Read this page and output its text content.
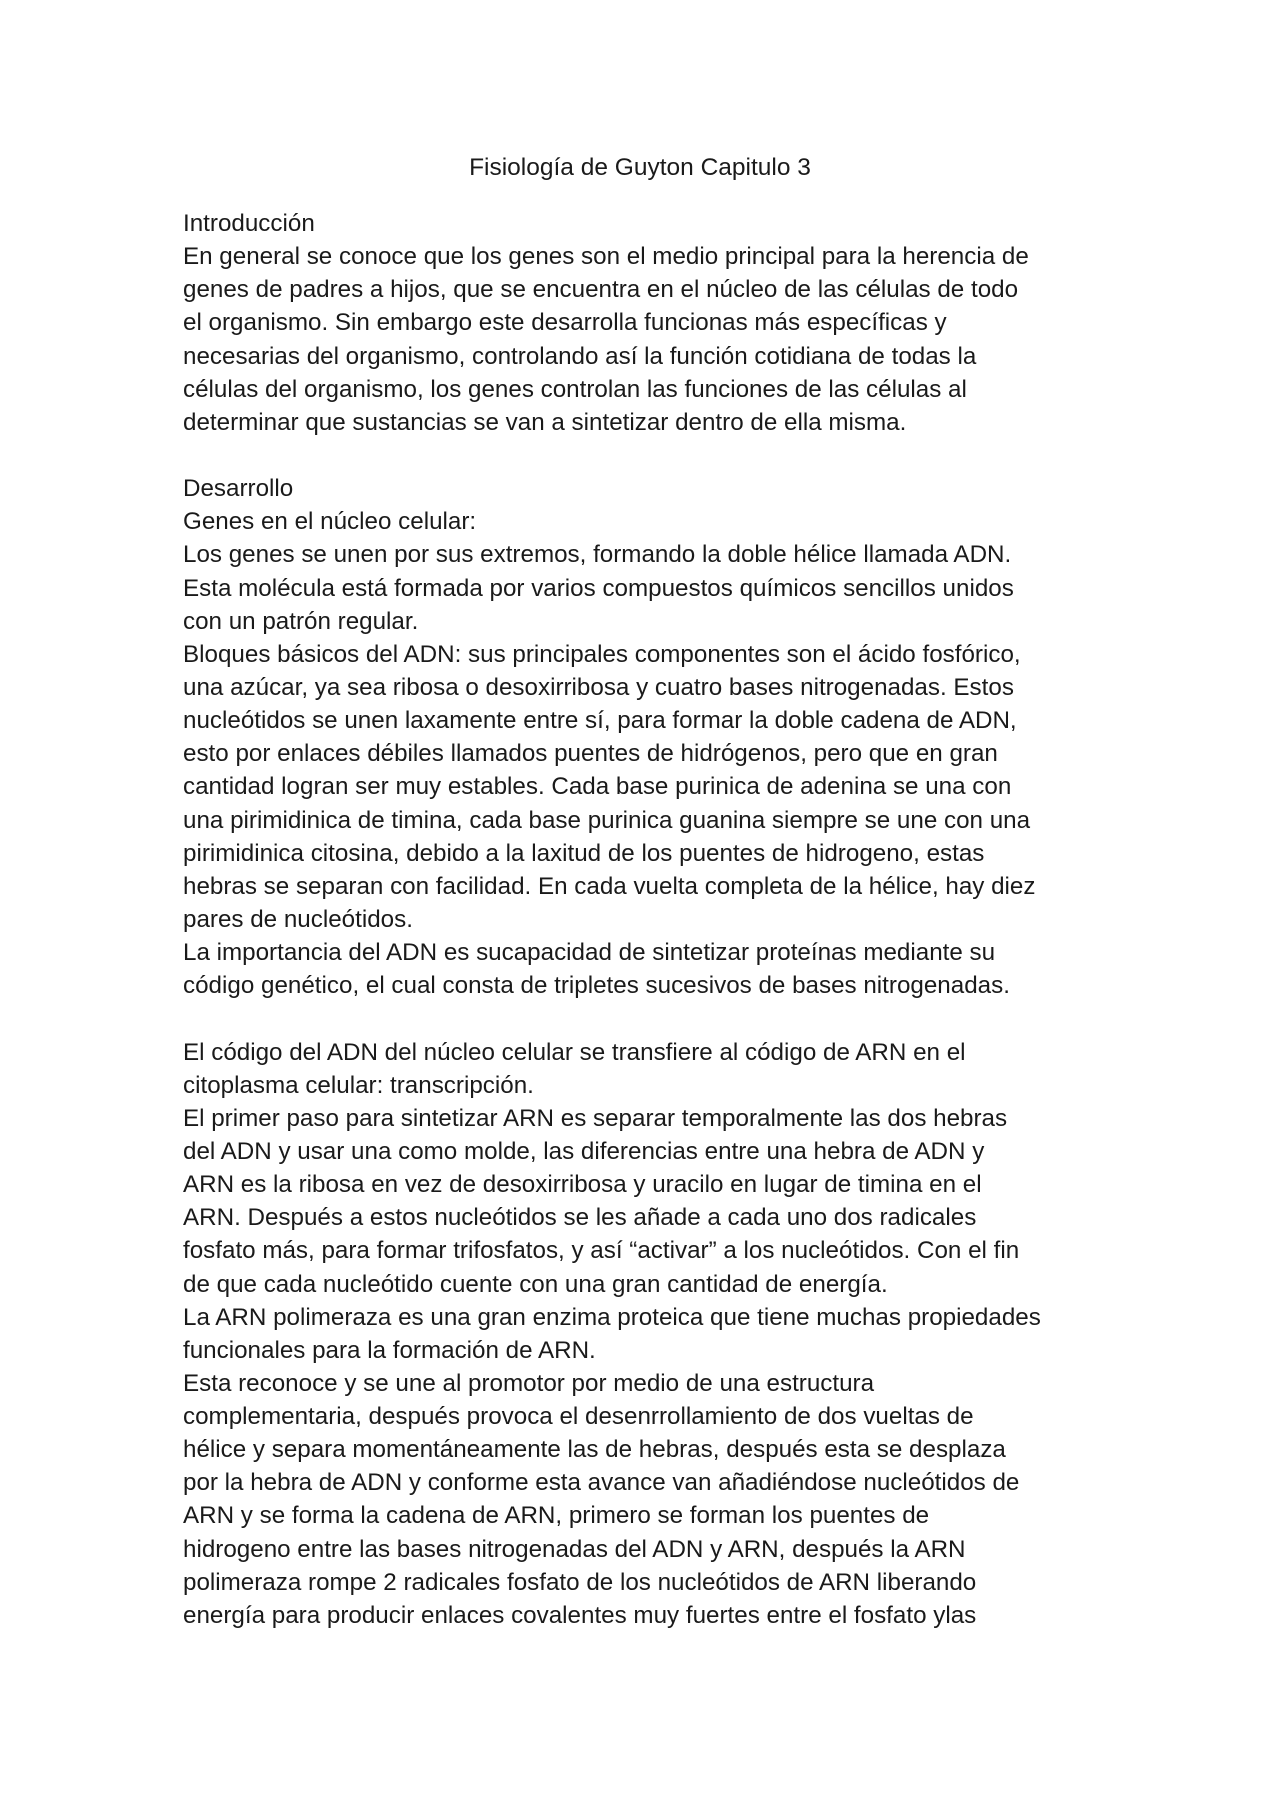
Fisiología de Guyton Capitulo 3
Introducción
En general se conoce que los genes son el medio principal para la herencia de
genes de padres a hijos, que se encuentra en el núcleo de las células de todo
el organismo. Sin embargo este desarrolla funcionas más específicas y
necesarias del organismo, controlando así la función cotidiana de todas la
células del organismo, los genes controlan las funciones de las células al
determinar que sustancias se van a sintetizar dentro de ella misma.
Desarrollo
Genes en el núcleo celular:
Los genes se unen por sus extremos, formando la doble hélice llamada ADN.
Esta molécula está formada por varios compuestos químicos sencillos unidos
con un patrón regular.
Bloques básicos del ADN: sus principales componentes son el ácido fosfórico,
una azúcar, ya sea ribosa o desoxirribosa y cuatro bases nitrogenadas. Estos
nucleótidos se unen laxamente entre sí, para formar la doble cadena de ADN,
esto por enlaces débiles llamados puentes de hidrógenos, pero que en gran
cantidad logran ser muy estables. Cada base purinica de adenina se una con
una pirimidinica de timina, cada base purinica guanina siempre se une con una
pirimidinica citosina, debido a la laxitud de los puentes de hidrogeno, estas
hebras se separan con facilidad. En cada vuelta completa de la hélice, hay diez
pares de nucleótidos.
La importancia del ADN es sucapacidad de sintetizar proteínas mediante su
código genético, el cual consta de tripletes sucesivos de bases nitrogenadas.
El código del ADN del núcleo celular se transfiere al código de ARN en el
citoplasma celular: transcripción.
El primer paso para sintetizar ARN es separar temporalmente las dos hebras
del ADN y usar una como molde, las diferencias entre una hebra de ADN y
ARN es la ribosa en vez de desoxirribosa y uracilo en lugar de timina en el
ARN. Después a estos nucleótidos se les añade a cada uno dos radicales
fosfato más, para formar trifosfatos, y así “activar” a los nucleótidos. Con el fin
de que cada nucleótido cuente con una gran cantidad de energía.
La ARN polimeraza es una gran enzima proteica que tiene muchas propiedades
funcionales para la formación de ARN.
Esta reconoce y se une al promotor por medio de una estructura
complementaria, después provoca el desenrrollamiento de dos vueltas de
hélice y separa momentáneamente las de hebras, después esta se desplaza
por la hebra de ADN y conforme esta avance van añadiéndose nucleótidos de
ARN y se forma la cadena de ARN, primero se forman los puentes de
hidrogeno entre las bases nitrogenadas del ADN y ARN, después la ARN
polimeraza rompe 2 radicales fosfato de los nucleótidos de ARN liberando
energía para producir enlaces covalentes muy fuertes entre el fosfato ylas
